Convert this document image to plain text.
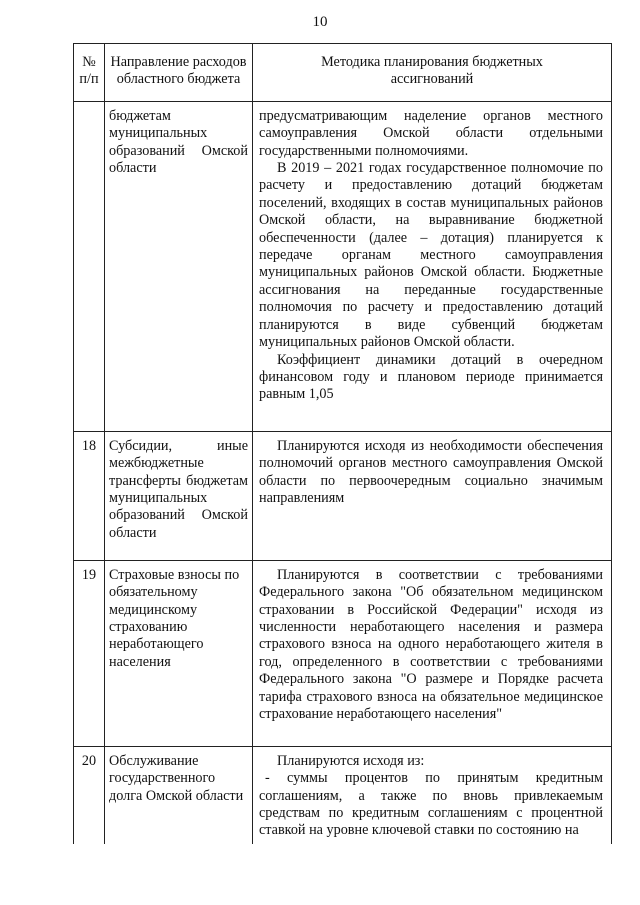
10
№ п/п	Направление расходов областного бюджета	Методика планирования бюджетных ассигнований
	бюджетам муниципальных образований Омской области	предусматривающим наделение органов местного самоуправления Омской области отдельными государственными полномочиями.

В 2019 – 2021 годах государственное полномочие по расчету и предоставлению дотаций бюджетам поселений, входящих в состав муниципальных районов Омской области, на выравнивание бюджетной обеспеченности (далее – дотация) планируется к передаче органам местного самоуправления муниципальных районов Омской области. Бюджетные ассигнования на переданные государственные полномочия по расчету и предоставлению дотаций планируются в виде субвенций бюджетам муниципальных районов Омской области.

Коэффициент динамики дотаций в очередном финансовом году и плановом периоде принимается равным 1,05

18	Субсидии, иные межбюджетные трансферты бюджетам муниципальных образований Омской области	Планируются исходя из необходимости обеспечения полномочий органов местного самоуправления Омской области по первоочередным социально значимым направлениям

19	Страховые взносы по обязательному медицинскому страхованию неработающего населения	Планируются в соответствии с требованиями Федерального закона "Об обязательном медицинском страховании в Российской Федерации" исходя из численности неработающего населения и размера страхового взноса на одного неработающего жителя в год, определенного в соответствии с требованиями Федерального закона "О размере и Порядке расчета тарифа страхового взноса на обязательное медицинское страхование неработающего населения"

20	Обслуживание государственного долга Омской области	Планируются исходя из:

- суммы процентов по принятым кредитным соглашениям, а также по вновь привлекаемым средствам по кредитным соглашениям с процентной ставкой на уровне ключевой ставки по состоянию на
